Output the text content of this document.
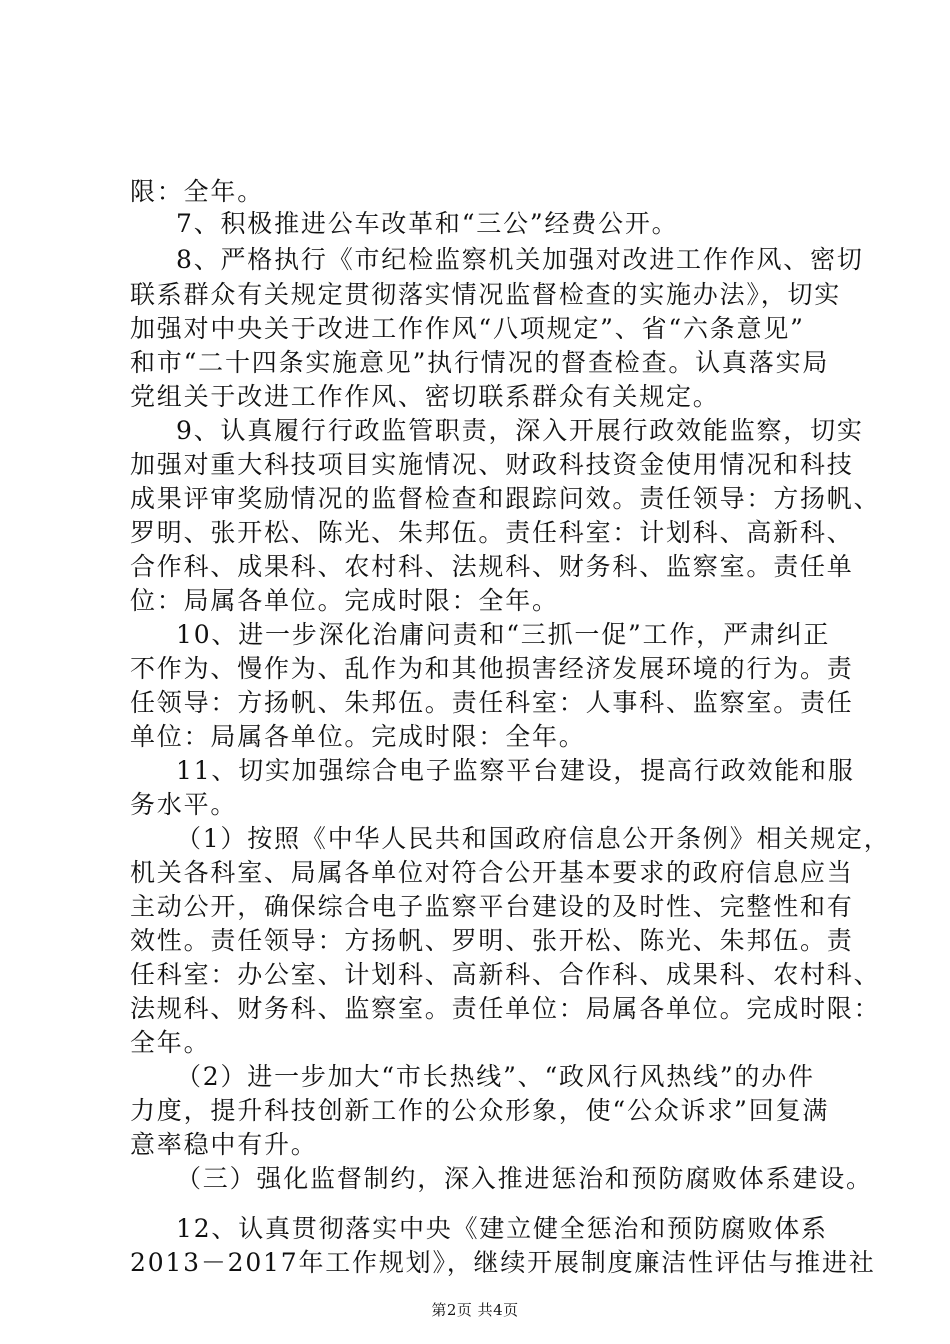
限：全年。
7、积极推进公车改革和“三公”经费公开。
8、严格执行《市纪检监察机关加强对改进工作作风、密切
联系群众有关规定贯彻落实情况监督检查的实施办法》，切实
加强对中央关于改进工作作风“八项规定”、省“六条意见”
和市“二十四条实施意见”执行情况的督查检查。认真落实局
党组关于改进工作作风、密切联系群众有关规定。
9、认真履行行政监管职责，深入开展行政效能监察，切实
加强对重大科技项目实施情况、财政科技资金使用情况和科技
成果评审奖励情况的监督检查和跟踪问效。责任领导：方扬帆、
罗明、张开松、陈光、朱邦伍。责任科室：计划科、高新科、
合作科、成果科、农村科、法规科、财务科、监察室。责任单
位：局属各单位。完成时限：全年。
10、进一步深化治庸问责和“三抓一促”工作，严肃纠正
不作为、慢作为、乱作为和其他损害经济发展环境的行为。责
任领导：方扬帆、朱邦伍。责任科室：人事科、监察室。责任
单位：局属各单位。完成时限：全年。
11、切实加强综合电子监察平台建设，提高行政效能和服
务水平。
（1）按照《中华人民共和国政府信息公开条例》相关规定，
机关各科室、局属各单位对符合公开基本要求的政府信息应当
主动公开，确保综合电子监察平台建设的及时性、完整性和有
效性。责任领导：方扬帆、罗明、张开松、陈光、朱邦伍。责
任科室：办公室、计划科、高新科、合作科、成果科、农村科、
法规科、财务科、监察室。责任单位：局属各单位。完成时限：
全年。
（2）进一步加大“市长热线”、“政风行风热线”的办件
力度，提升科技创新工作的公众形象，使“公众诉求”回复满
意率稳中有升。
（三）强化监督制约，深入推进惩治和预防腐败体系建设。
12、认真贯彻落实中央《建立健全惩治和预防腐败体系
2013－2017年工作规划》，继续开展制度廉洁性评估与推进社
第2页 共4页
